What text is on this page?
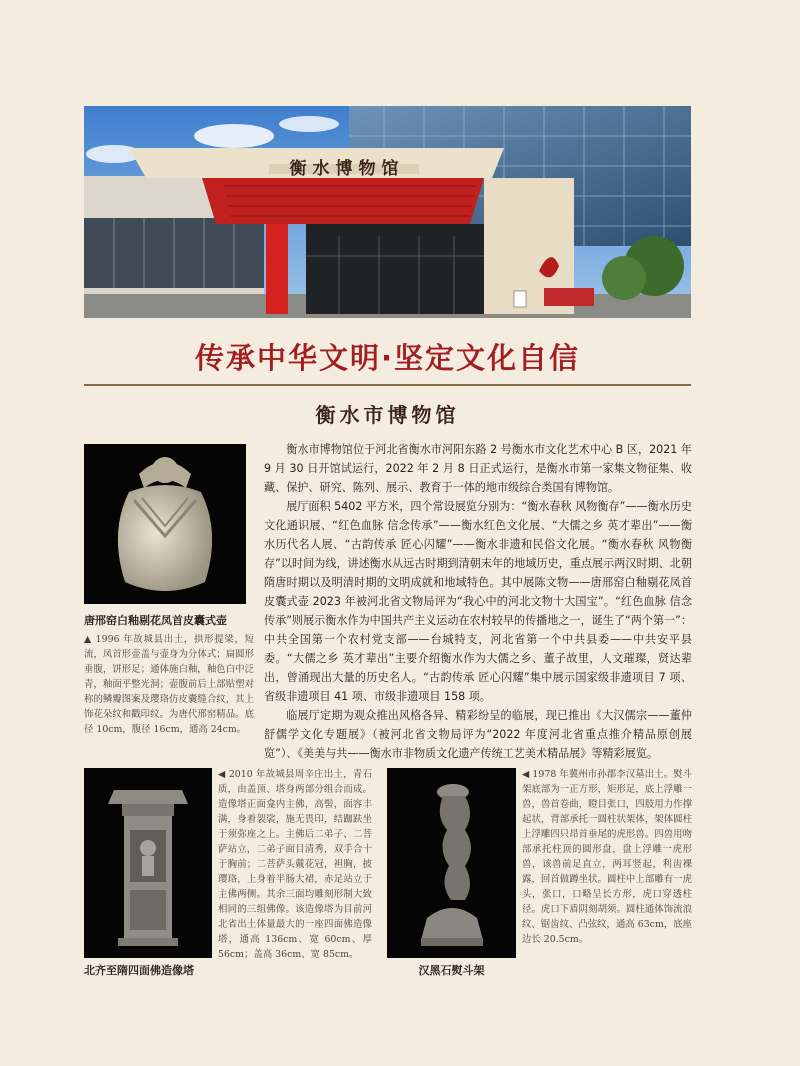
衡水博物馆
传承中华文明·坚定文化自信
衡水市博物馆

衡水市博物馆位于河北省衡水市河阳东路 2 号衡水市文化艺术中心 B 区，2021 年 9 月 30 日开馆试运行，2022 年 2 月 8 日正式运行，是衡水市第一家集文物征集、收藏、保护、研究、陈列、展示、教育于一体的地市级综合类国有博物馆。

展厅面积 5402 平方米，四个常设展览分别为：“衡水春秋 风物衡存”——衡水历史文化通识展、“红色血脉 信念传承”——衡水红色文化展、“大儒之乡 英才辈出”——衡水历代名人展、“古韵传承 匠心闪耀”——衡水非遗和民俗文化展。“衡水春秋 风物衡存”以时间为线，讲述衡水从远古时期到清朝末年的地域历史，重点展示两汉时期、北朝隋唐时期以及明清时期的文明成就和地域特色。其中展陈文物——唐邢窑白釉剔花凤首皮囊式壶 2023 年被河北省文物局评为“我心中的河北文物十大国宝”。“红色血脉 信念传承”则展示衡水作为中国共产主义运动在农村较早的传播地之一，诞生了“两个第一”：中共全国第一个农村党支部——台城特支，河北省第一个中共县委——中共安平县委。“大儒之乡 英才辈出”主要介绍衡水作为大儒之乡、董子故里，人文璀璨，贤达辈出，曾涌现出大量的历史名人。“古韵传承 匠心闪耀”集中展示国家级非遗项目 7 项、省级非遗项目 41 项、市级非遗项目 158 项。

临展厅定期为观众推出风格各异、精彩纷呈的临展，现已推出《大汉儒宗——董仲舒儒学文化专题展》（被河北省文物局评为“2022 年度河北省重点推介精品原创展览”）、《美美与共——衡水市非物质文化遗产传统工艺美术精品展》等精彩展览。

唐邢窑白釉剔花凤首皮囊式壶
▲ 1996 年故城县出土，拱形提梁，短流，凤首形壶盖与壶身为分体式；扁圆形垂腹，饼形足；通体施白釉，釉色白中泛青，釉面平整光洞；壶腹前后上部贴塑对称的鳞瓣图案及璎珞仿皮囊缝合纹，其上饰花朵纹和戳印纹。为唐代邢窑精品。底径 10cm，腹径 16cm，通高 24cm。
北齐至隋四面佛造像塔
◀ 2010 年故城县周辛庄出土，青石质，由盖顶、塔身两部分组合而成。造像塔正面龛内主佛，高髻，面容丰满，身着袈裟，施无畏印，结跏趺坐于须弥座之上。主佛后二弟子、二菩萨站立，二弟子面目清秀，双手合十于胸前；二菩萨头戴花冠，袒胸，披璎珞，上身着半肠大裙，赤足站立于主佛两侧。其余三面均雕刻形制大致相同的三组佛像。该造像塔为目前河北省出土体量最大的一座四面佛造像塔，通高 136cm、宽 60cm、厚 56cm；盖高 36cm、宽 85cm。
汉黑石熨斗架
◀ 1978 年冀州市孙郡李汉墓出土。熨斗架底部为一正方形，矩形足，底上浮雕一兽，兽首卷曲，瞪目张口，四肢用力作撑起状，背部承托一圆柱状架体，架体圆柱上浮雕四只昂首垂尾的虎形兽。四兽用吻部承托柱顶的圆形盘，盘上浮雕一虎形兽，该兽前足直立，两耳竖起，利齿裸露，回首做蹲坐状。圆柱中上部雕有一虎头，张口，口略呈长方形，虎口穿透柱径。虎口下盾阴刻胡须。圆柱通体饰流浪纹、锯齿纹、凸弦纹，通高 63cm，底座边长 20.5cm。
